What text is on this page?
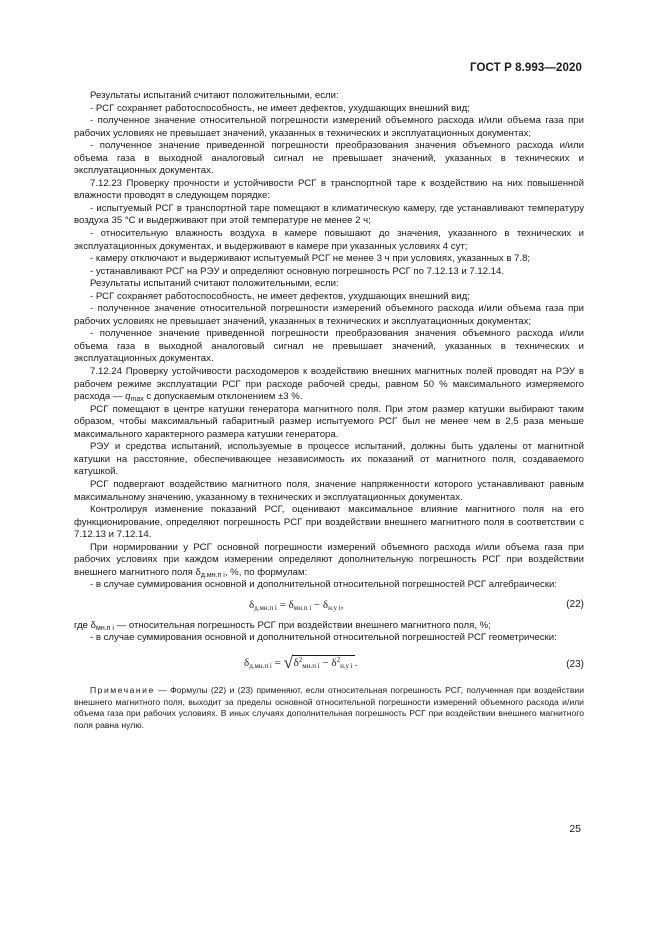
ГОСТ Р 8.993—2020

Результаты испытаний считают положительными, если:

- РСГ сохраняет работоспособность, не имеет дефектов, ухудшающих внешний вид;

- полученное значение относительной погрешности измерений объемного расхода и/или объема газа при рабочих условиях не превышает значений, указанных в технических и эксплуатационных документах;

- полученное значение приведенной погрешности преобразования значения объемного расхода и/или объема газа в выходной аналоговый сигнал не превышает значений, указанных в технических и эксплуатационных документах.

7.12.23 Проверку прочности и устойчивости РСГ в транспортной таре к воздействию на них повышенной влажности проводят в следующем порядке:

- испытуемый РСГ в транспортной таре помещают в климатическую камеру, где устанавливают температуру воздуха 35 °С и выдерживают при этой температуре не менее 2 ч;

- относительную влажность воздуха в камере повышают до значения, указанного в технических и эксплуатационных документах, и выдерживают в камере при указанных условиях 4 сут;

- камеру отключают и выдерживают испытуемый РСГ не менее 3 ч при условиях, указанных в 7.8;

- устанавливают РСГ на РЭУ и определяют основную погрешность РСГ по 7.12.13 и 7.12.14.

Результаты испытаний считают положительными, если:

- РСГ сохраняет работоспособность, не имеет дефектов, ухудшающих внешний вид;

- полученное значение относительной погрешности измерений объемного расхода и/или объема газа при рабочих условиях не превышает значений, указанных в технических и эксплуатационных документах;

- полученное значение приведенной погрешности преобразования значения объемного расхода и/или объема газа в выходной аналоговый сигнал не превышает значений, указанных в технических и эксплуатационных документах.

7.12.24 Проверку устойчивости расходомеров к воздействию внешних магнитных полей проводят на РЭУ в рабочем режиме эксплуатации РСГ при расходе рабочей среды, равном 50 % максимального измеряемого расхода — $q_{max}$ с допускаемым отклонением ±3 %.

РСГ помещают в центре катушки генератора магнитного поля. При этом размер катушки выбирают таким образом, чтобы максимальный габаритный размер испытуемого РСГ был не менее чем в 2,5 раза меньше максимального характерного размера катушки генератора.

РЭУ и средства испытаний, используемые в процессе испытаний, должны быть удалены от магнитной катушки на расстояние, обеспечивающее независимость их показаний от магнитного поля, создаваемого катушкой.

РСГ подвергают воздействию магнитного поля, значение напряженности которого устанавливают равным максимальному значению, указанному в технических и эксплуатационных документах.

Контролируя изменение показаний РСГ, оценивают максимальное влияние магнитного поля на его функционирование, определяют погрешность РСГ при воздействии внешнего магнитного поля в соответствии с 7.12.13 и 7.12.14.

При нормировании у РСГ основной погрешности измерений объемного расхода и/или объема газа при рабочих условиях при каждом измерении определяют дополнительную погрешность РСГ при воздействии внешнего магнитного поля $\delta_{д.мн.п i}$, %, по формулам:

- в случае суммирования основной и дополнительной относительной погрешностей РСГ алгебраически:

$\delta_{д.мн.п i} = \delta_{мн.п i} - \delta_{н.у i}$,	(22)

где $\delta_{мн.п i}$ — относительная погрешность РСГ при воздействии внешнего магнитного поля, %;

- в случае суммирования основной и дополнительной относительной погрешностей РСГ геометрически:

$\delta_{д.мн.п i}$ = √ $\delta^2_{мн.п i} - \delta^2_{н.у i}$ .	(23)

Примечание — Формулы (22) и (23) применяют, если относительная погрешность РСГ, полученная при воздействии внешнего магнитного поля, выходит за пределы основной относительной погрешности измерений объемного расхода и/или объема газа при рабочих условиях. В иных случаях дополнительная погрешность РСГ при воздействии внешнего магнитного поля равна нулю.

25
